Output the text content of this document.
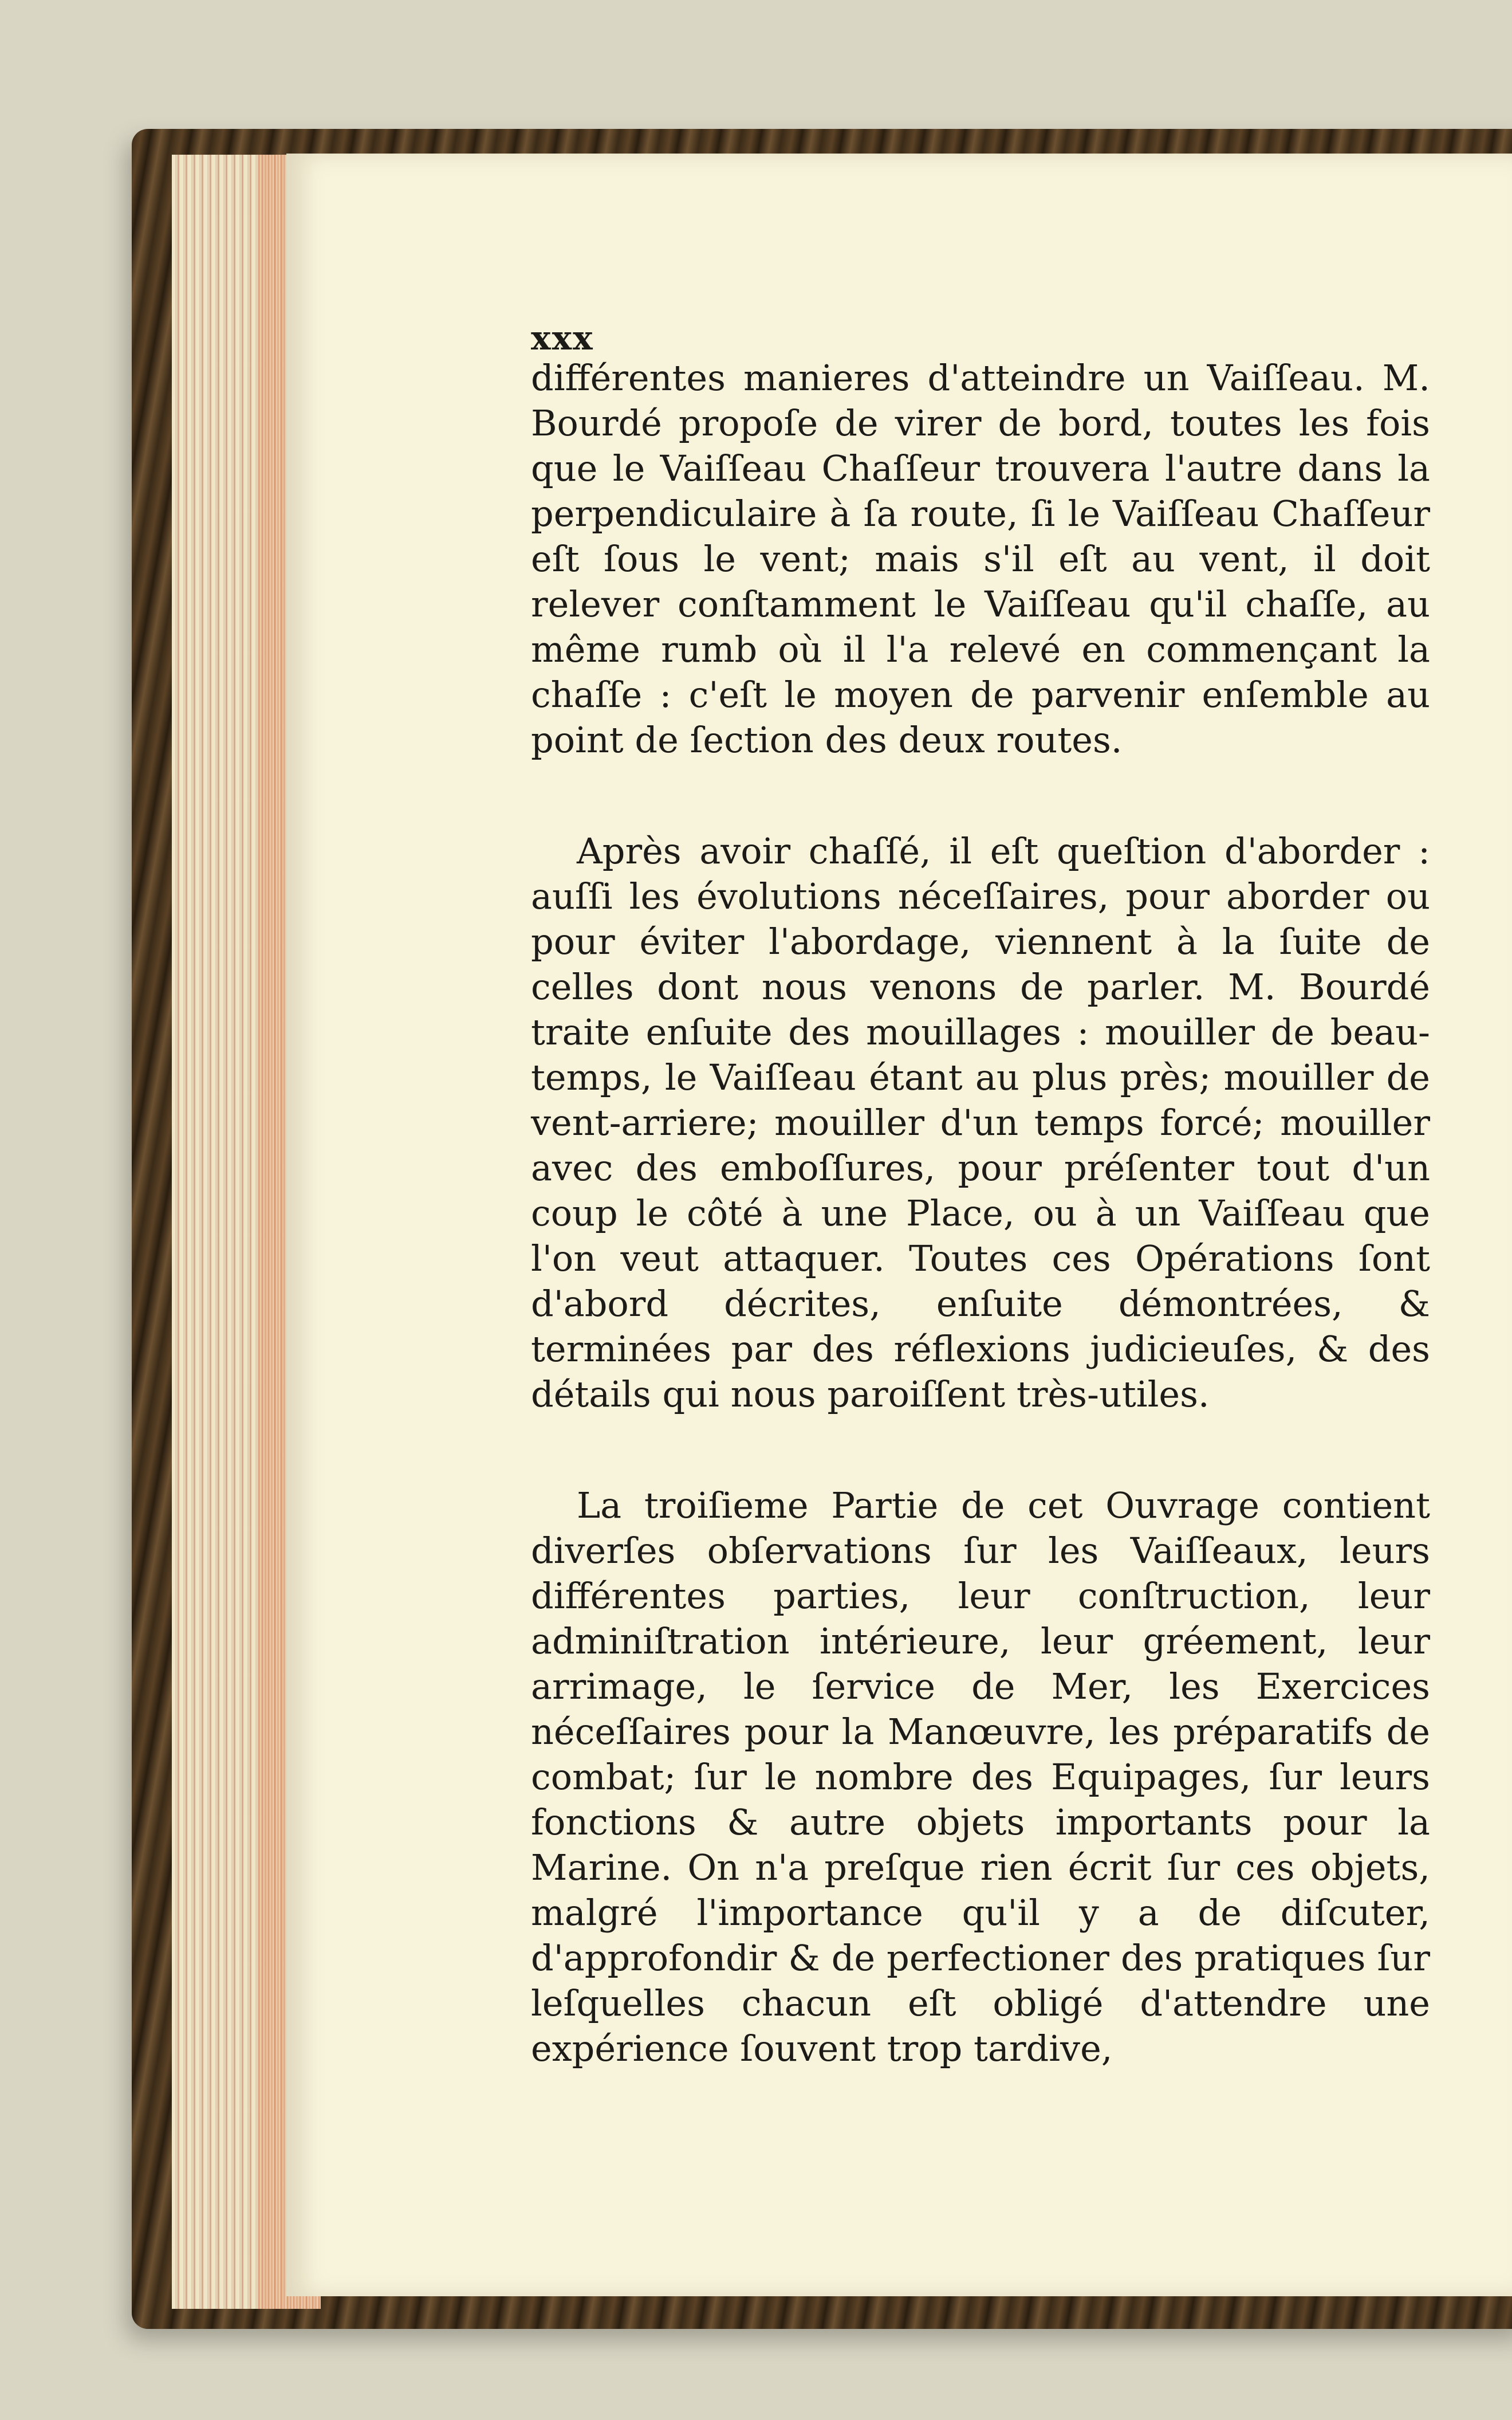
xxx

différentes manieres d'atteindre un Vaiſſeau. M. Bourdé propoſe de virer de bord, toutes les fois que le Vaiſſeau Chaſſeur trouvera l'autre dans la perpendiculaire à ſa route, ſi le Vaiſſeau Chaſſeur eſt ſous le vent; mais s'il eſt au vent, il doit relever conſtamment le Vaiſſeau qu'il chaſſe, au même rumb où il l'a relevé en commençant la chaſſe : c'eſt le moyen de parvenir enſemble au point de ſection des deux routes.

Après avoir chaſſé, il eſt queſtion d'aborder : auſſi les évolutions néceſſaires, pour aborder ou pour éviter l'abordage, viennent à la ſuite de celles dont nous venons de parler. M. Bourdé traite enſuite des mouillages : mouiller de beau-temps, le Vaiſſeau étant au plus près; mouiller de vent-arriere; mouiller d'un temps forcé; mouiller avec des emboſſures, pour préſenter tout d'un coup le côté à une Place, ou à un Vaiſſeau que l'on veut attaquer. Toutes ces Opérations ſont d'abord décrites, enſuite démontrées, & terminées par des réflexions judicieuſes, & des détails qui nous paroiſſent très-utiles.

La troiſieme Partie de cet Ouvrage contient diverſes obſervations ſur les Vaiſſeaux, leurs différentes parties, leur conſtruction, leur adminiſtration intérieure, leur gréement, leur arrimage, le ſervice de Mer, les Exercices néceſſaires pour la Manœuvre, les préparatifs de combat; ſur le nombre des Equipages, ſur leurs fonctions & autre objets importants pour la Marine. On n'a preſque rien écrit ſur ces objets, malgré l'importance qu'il y a de diſcuter, d'approfondir & de perfectioner des pratiques ſur leſquelles chacun eſt obligé d'attendre une expérience ſouvent trop tardive,
